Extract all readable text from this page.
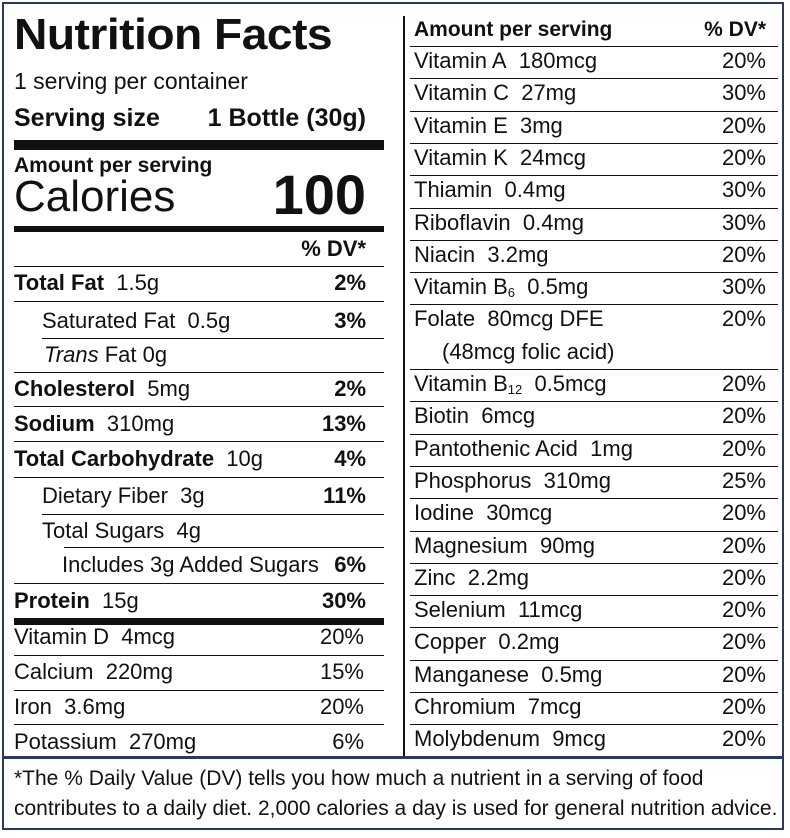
Nutrition Facts
1 serving per container
Serving size 1 Bottle (30g)
Amount per serving
Calories 100
% DV*
Total Fat 1.5g	2%
Saturated Fat 0.5g	3%
Trans Fat 0g
Cholesterol 5mg	2%
Sodium 310mg	13%
Total Carbohydrate 10g	4%
Dietary Fiber 3g	11%
Total Sugars 4g
Includes 3g Added Sugars 6%
Protein 15g	30%
Vitamin D 4mcg	20%
Calcium 220mg	15%
Iron 3.6mg	20%
Potassium 270mg	6%
Amount per serving	% DV*
Vitamin A 180mcg	20%
Vitamin C 27mg	30%
Vitamin E 3mg	20%
Vitamin K 24mcg	20%
Thiamin 0.4mg	30%
Riboflavin 0.4mg	30%
Niacin 3.2mg	20%
Vitamin $B_6$ 0.5mg	30%
Folate 80mcg DFE	20%
(48mcg folic acid)
Vitamin $B_{12}$ 0.5mcg	20%
Biotin 6mcg	20%
Pantothenic Acid 1mg	20%
Phosphorus 310mg	25%
Iodine 30mcg	20%
Magnesium 90mg	20%
Zinc 2.2mg	20%
Selenium 11mcg	20%
Copper 0.2mg	20%
Manganese 0.5mg	20%
Chromium 7mcg	20%
Molybdenum 9mcg	20%
*The % Daily Value (DV) tells you how much a nutrient in a serving of food contributes to a daily diet. 2,000 calories a day is used for general nutrition advice.
